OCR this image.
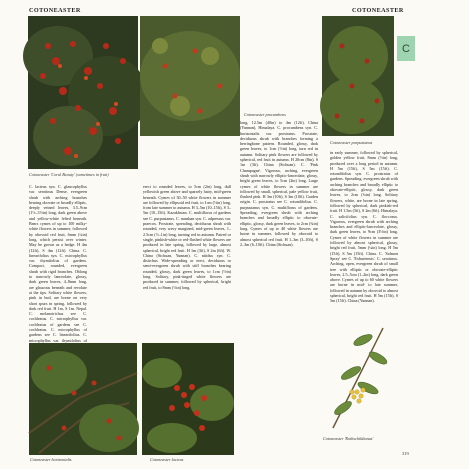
COTONEASTER	COTONEASTER
Cotoneaster 'Coral Beauty' (sometimes in fruit)
Cotoneaster procumbens
Cotoneaster purpusianus

C. lacteus syn. C. glaucophyllus var. serotinus Dense, evergreen shrub with arching branches bearing obovate or broadly elliptic, deeply veined leaves, 3.5–9cm (1½–3½in) long, dark green above and yellow-white felted beneath. Bears cymes of up to 100 milky-white flowers in summer, followed by obovoid red fruit, 6mm (¼in) long, which persist over winter. May be grown as a hedge. H 4m (12ft), S 4m (12ft). China. C. linearifolius syn. C. microphyllus var. thymifolius of gardens. Compact, rounded, evergreen shrub with rigid branches. Oblong to narrowly lanceolate, glossy, dark green leaves, 4–8mm long, are glaucous beneath and revolute at the tips. Solitary white flowers, pink in bud, are borne on very short spurs in spring, followed by dark red fruit. H 1m, S 1m. Nepal. C. melanotrichus see C. cochleatus. C. microphyllus var. cochleatus of gardens see C. cochleatus. C. microphyllus of gardens see C. linearifolius. C. microphyllus var. thymifolius of

erect to rounded leaves, to 5cm (2in) long, dull yellowish green above and sparsely hairy, mid-green beneath. Cymes of 30–50 white flowers in summer are followed by ellipsoid red fruit, to 1cm (½in) long, from late summer to autumn. H 3–5m (10–15ft), S 3–5m (10–15ft). Kazakhstan. C. multiflorus of gardens see C. purpusianus. C. nanshan syn. C. adpressus var. praecox. Prostrate, spreading, deciduous shrub with rounded, very wavy margined, mid-green leaves, 1–2.5cm (½–1in) long, turning red in autumn. Paired or single, pinkish-white or red-flushed white flowers are produced in late spring, followed by large, almost spherical, bright red fruit. H 1m (3ft), S 2m (6ft). W. China (Sichuan, Yunnan). C. nitidus syn. C. distichus. Wide-spreading or erect, deciduous or semi-evergreen shrub with stiff branches bearing rounded, glossy, dark green leaves, to 1cm (½in) long. Solitary, pink-tinged white flowers are produced in summer, followed by spherical, bright red fruit, to 8mm (⅓in) long.

long, 12.5m (40in) to 4m (12ft). China (Yunnan), Himalaya. C. procumbens syn. C. horizontalis var. prostratus. Prostrate, deciduous shrub with branches forming a herringbone pattern. Rounded, glossy, dark green leaves, to 1cm (½in) long, turn red in autumn. Solitary pink flowers are followed by spherical, red fruit in autumn. H 20cm (8in), S 1m (3ft). China (Sichuan). C. 'Pink Champagne'. Vigorous, arching, evergreen shrub with narrowly elliptic-lanceolate, glossy, bright green leaves, to 5cm (2in) long. Large cymes of white flowers in summer are followed by small, spherical, pale yellow fruit, flushed pink. H 3m (10ft), S 3m (10ft). Garden origin. C. prostratus see C. rotundifolius. C. purpusianus syn. C. multiflorus of gardens. Spreading, evergreen shrub with arching branches and broadly elliptic to obovate-elliptic, glossy, dark green leaves, to 2cm (¾in) long. Cymes of up to 40 white flowers are borne in summer, followed by obovoid to almost spherical red fruit. H 1–3m (3–10ft), S 2–3m (6–10ft). China (Sichuan).

in early summer, followed by spherical, golden yellow fruit, 8mm (⅓in) long, produced over a long period in autumn. H 5m (15ft), S 5m (15ft). C. rotundifolius syn. C. prostratus of gardens. Spreading, evergreen shrub with arching branches and broadly elliptic to obovate-elliptic, glossy, dark green leaves, to 2cm (¾in) long. Solitary flowers, white, are borne in late spring, followed by spherical, dark pinkish-red fruit. H 1.5m (5ft), S 2m (6ft). Himalaya. C. salicifolius syn. C. floccosus. Vigorous, evergreen shrub with arching branches and elliptic-lanceolate, glossy, dark green leaves, to 9cm (3½in) long. Cymes of white flowers in summer are followed by almost spherical, glossy, bright red fruit, 5mm (¼in) long. H 5m (15ft), S 5m (15ft). China. C. 'Salmon Spray' see C. 'Exburiensis'. C. serotinus. Arching, open, evergreen shrub of small tree with elliptic or obovate-elliptic leaves, 2.5–5cm (1–2in) long, dark green above. Cymes of up to 60 white flowers are borne in mid- to late summer, followed in autumn by obovoid to almost spherical, bright red fruit. H 5m (15ft), S 5m (15ft). China (Yunnan).

Cotoneaster horizontalis	Cotoneaster lacteus
Cotoneaster 'Rothschildianus'
C
319
